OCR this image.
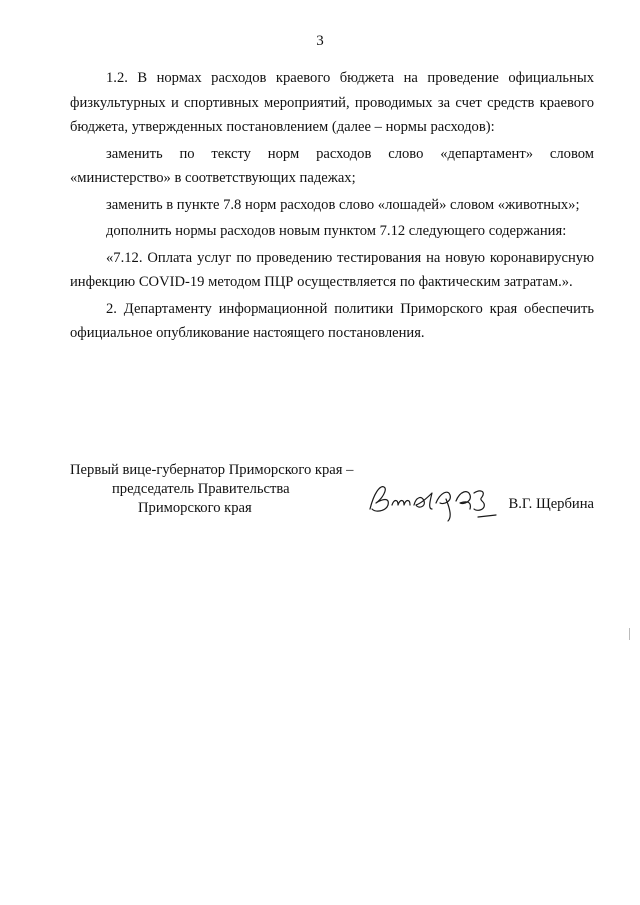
3

1.2. В нормах расходов краевого бюджета на проведение официальных физкультурных и спортивных мероприятий, проводимых за счет средств краевого бюджета, утвержденных постановлением (далее – нормы расходов):

заменить по тексту норм расходов слово «департамент» словом «министерство» в соответствующих падежах;

заменить в пункте 7.8 норм расходов слово «лошадей» словом «животных»;

дополнить нормы расходов новым пунктом 7.12 следующего содержания:

«7.12. Оплата услуг по проведению тестирования на новую коронавирусную инфекцию COVID-19 методом ПЦР осуществляется по фактическим затратам.».

2. Департаменту информационной политики Приморского края обеспечить официальное опубликование настоящего постановления.

Первый вице-губернатор Приморского края –
председатель Правительства
Приморского края	В.Г. Щербина
